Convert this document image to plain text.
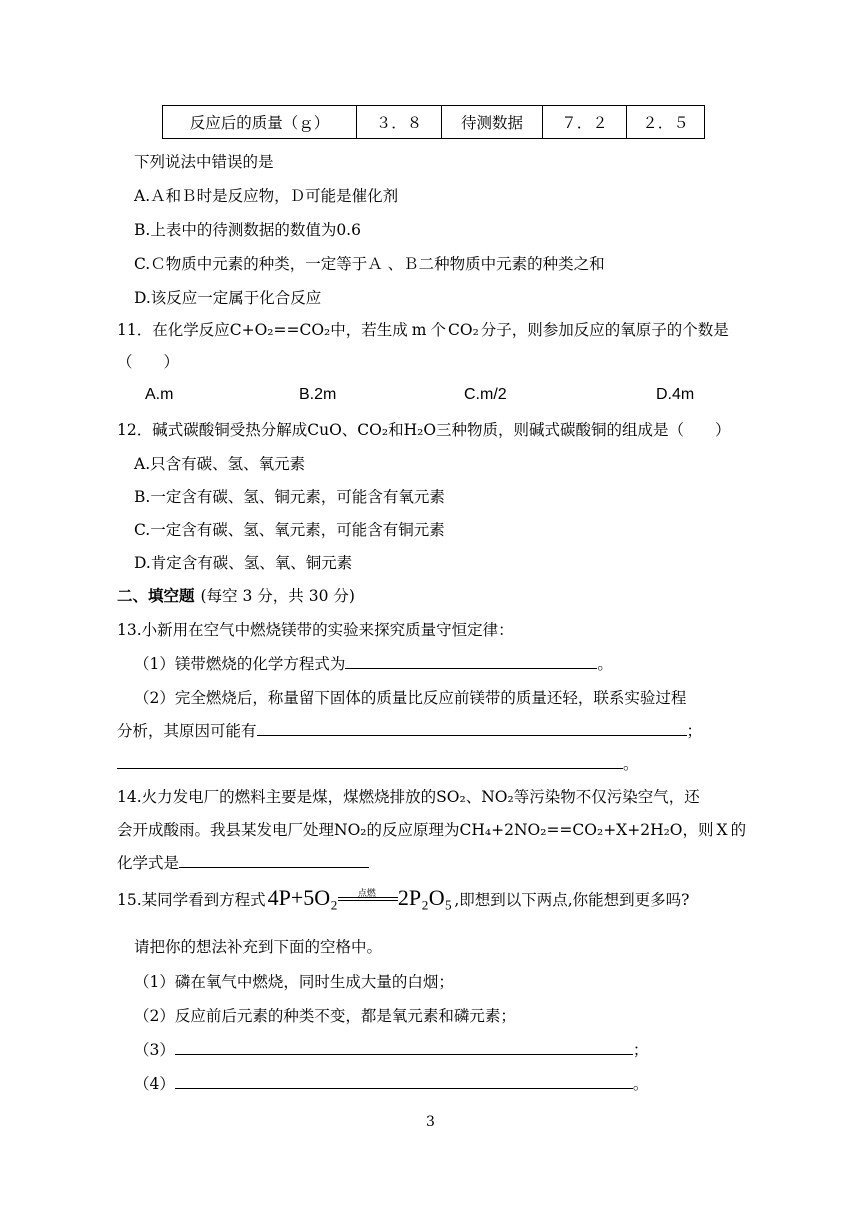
反应后的质量（ｇ）	３．８	待测数据	７．２	２．５
下列说法中错误的是
A.Ａ和Ｂ时是反应物，Ｄ可能是催化剂
B.上表中的待测数据的数值为0.6
C.Ｃ物质中元素的种类，一定等于Ａ 、Ｂ二种物质中元素的种类之和
D.该反应一定属于化合反应
11．在化学反应C+O₂==CO₂中，若生成 m 个 CO₂ 分子，则参加反应的氧原子的个数是
（　　）
A.m	B.2m	C.m/2	D.4m
12．碱式碳酸铜受热分解成CuO、CO₂和H₂O三种物质，则碱式碳酸铜的组成是（　　）
A.只含有碳、氢、氧元素
B.一定含有碳、氢、铜元素，可能含有氧元素
C.一定含有碳、氢、氧元素，可能含有铜元素
D.肯定含有碳、氢、氧、铜元素
二、填空题 (每空 3 分，共 30 分)
13.小新用在空气中燃烧镁带的实验来探究质量守恒定律：
（1）镁带燃烧的化学方程式为	。
（2）完全燃烧后，称量留下固体的质量比反应前镁带的质量还轻，联系实验过程
分析，其原因可能有	；
。
14.火力发电厂的燃料主要是煤，煤燃烧排放的SO₂、NO₂等污染物不仅污染空气，还
会开成酸雨。我县某发电厂处理NO₂的反应原理为CH₄+2NO₂==CO₂+X+2H₂O，则 X 的
化学式是
15.某同学看到方程式4P+5O₂ 点燃 2P₂O₅ ,即想到以下两点,你能想到更多吗?
请把你的想法补充到下面的空格中。
（1）磷在氧气中燃烧，同时生成大量的白烟；
（2）反应前后元素的种类不变，都是氧元素和磷元素；
（3）	；
（4）	。
3
